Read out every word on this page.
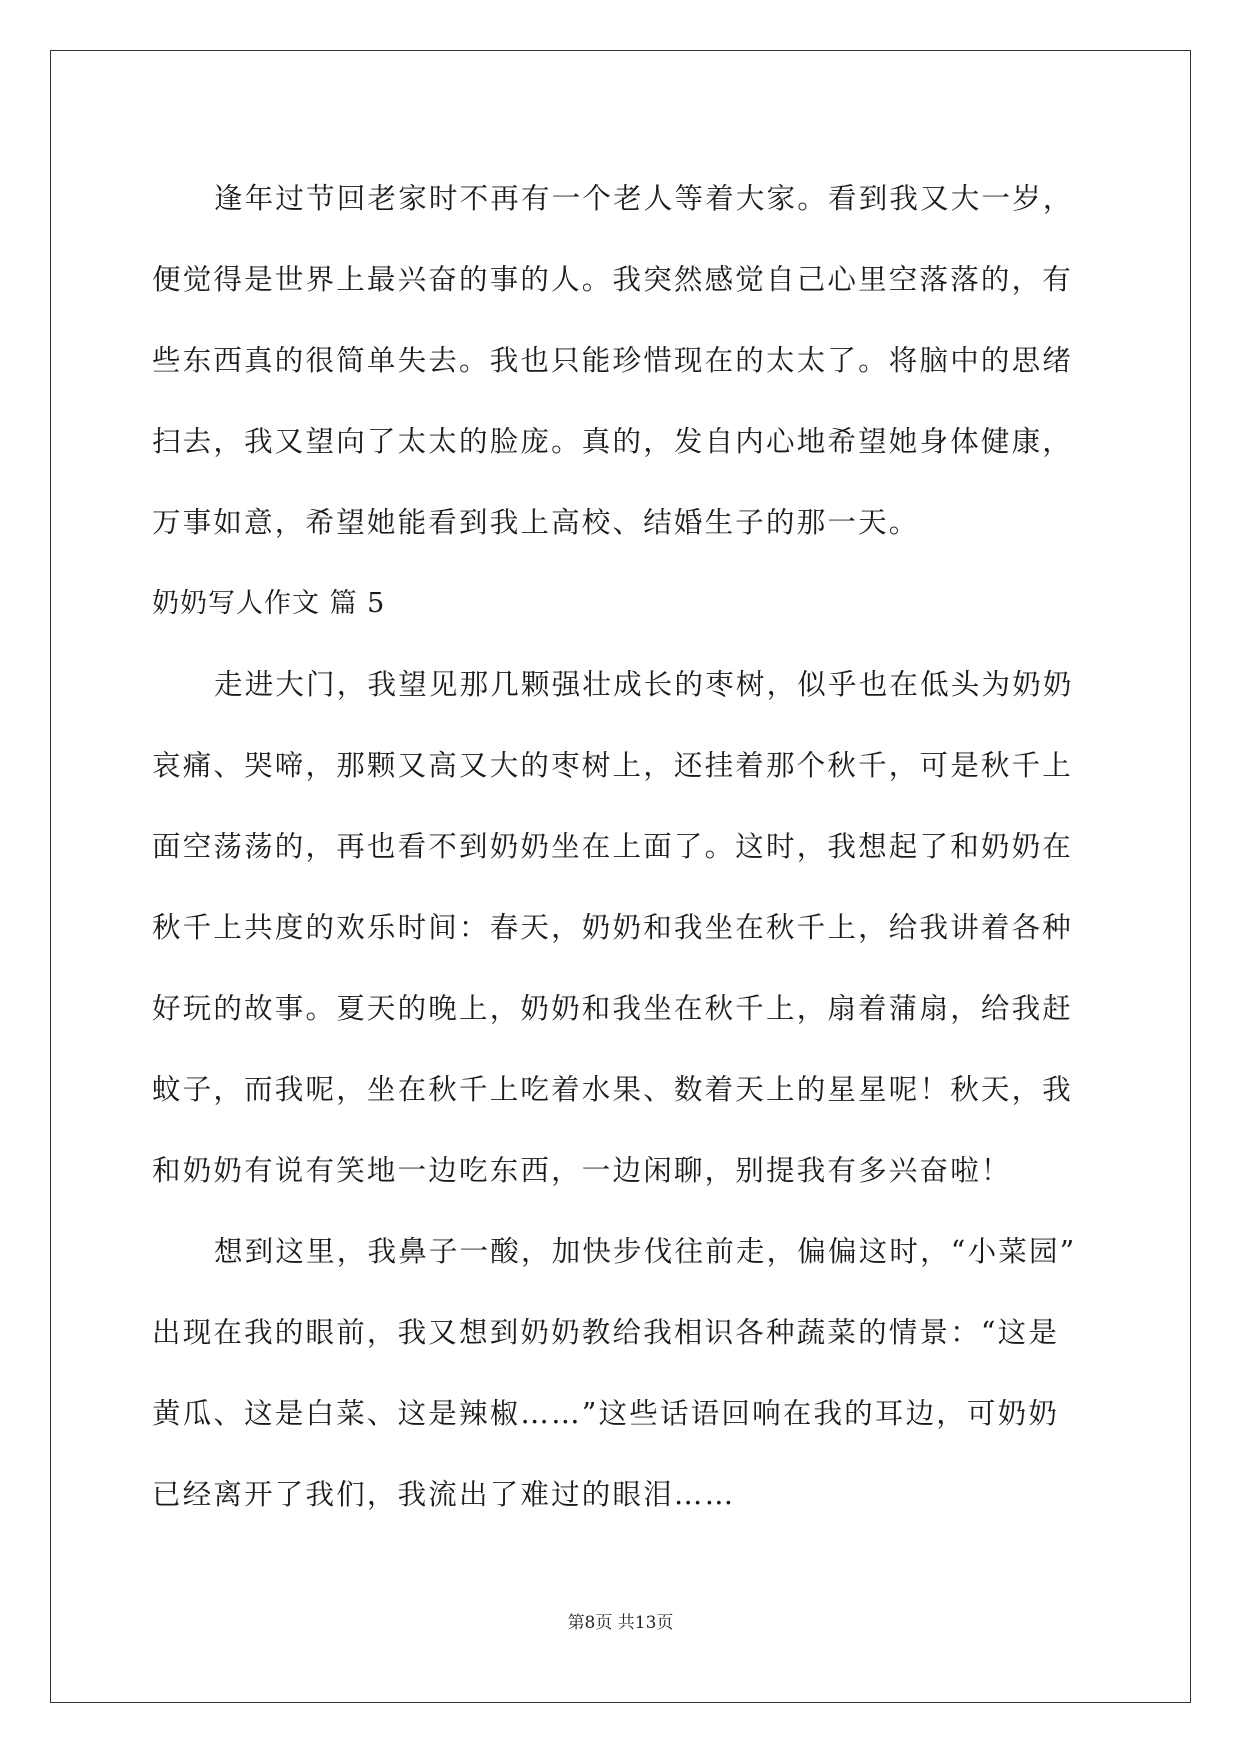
逢年过节回老家时不再有一个老人等着大家。看到我又大一岁，
便觉得是世界上最兴奋的事的人。我突然感觉自己心里空落落的，有
些东西真的很简单失去。我也只能珍惜现在的太太了。将脑中的思绪
扫去，我又望向了太太的脸庞。真的，发自内心地希望她身体健康，
万事如意，希望她能看到我上高校、结婚生子的那一天。
奶奶写人作文 篇 5
走进大门，我望见那几颗强壮成长的枣树，似乎也在低头为奶奶
哀痛、哭啼，那颗又高又大的枣树上，还挂着那个秋千，可是秋千上
面空荡荡的，再也看不到奶奶坐在上面了。这时，我想起了和奶奶在
秋千上共度的欢乐时间：春天，奶奶和我坐在秋千上，给我讲着各种
好玩的故事。夏天的晚上，奶奶和我坐在秋千上，扇着蒲扇，给我赶
蚊子，而我呢，坐在秋千上吃着水果、数着天上的星星呢！秋天，我
和奶奶有说有笑地一边吃东西，一边闲聊，别提我有多兴奋啦！
想到这里，我鼻子一酸，加快步伐往前走，偏偏这时，“小菜园”
出现在我的眼前，我又想到奶奶教给我相识各种蔬菜的情景：“这是
黄瓜、这是白菜、这是辣椒……”这些话语回响在我的耳边，可奶奶
已经离开了我们，我流出了难过的眼泪……
第8页 共13页
